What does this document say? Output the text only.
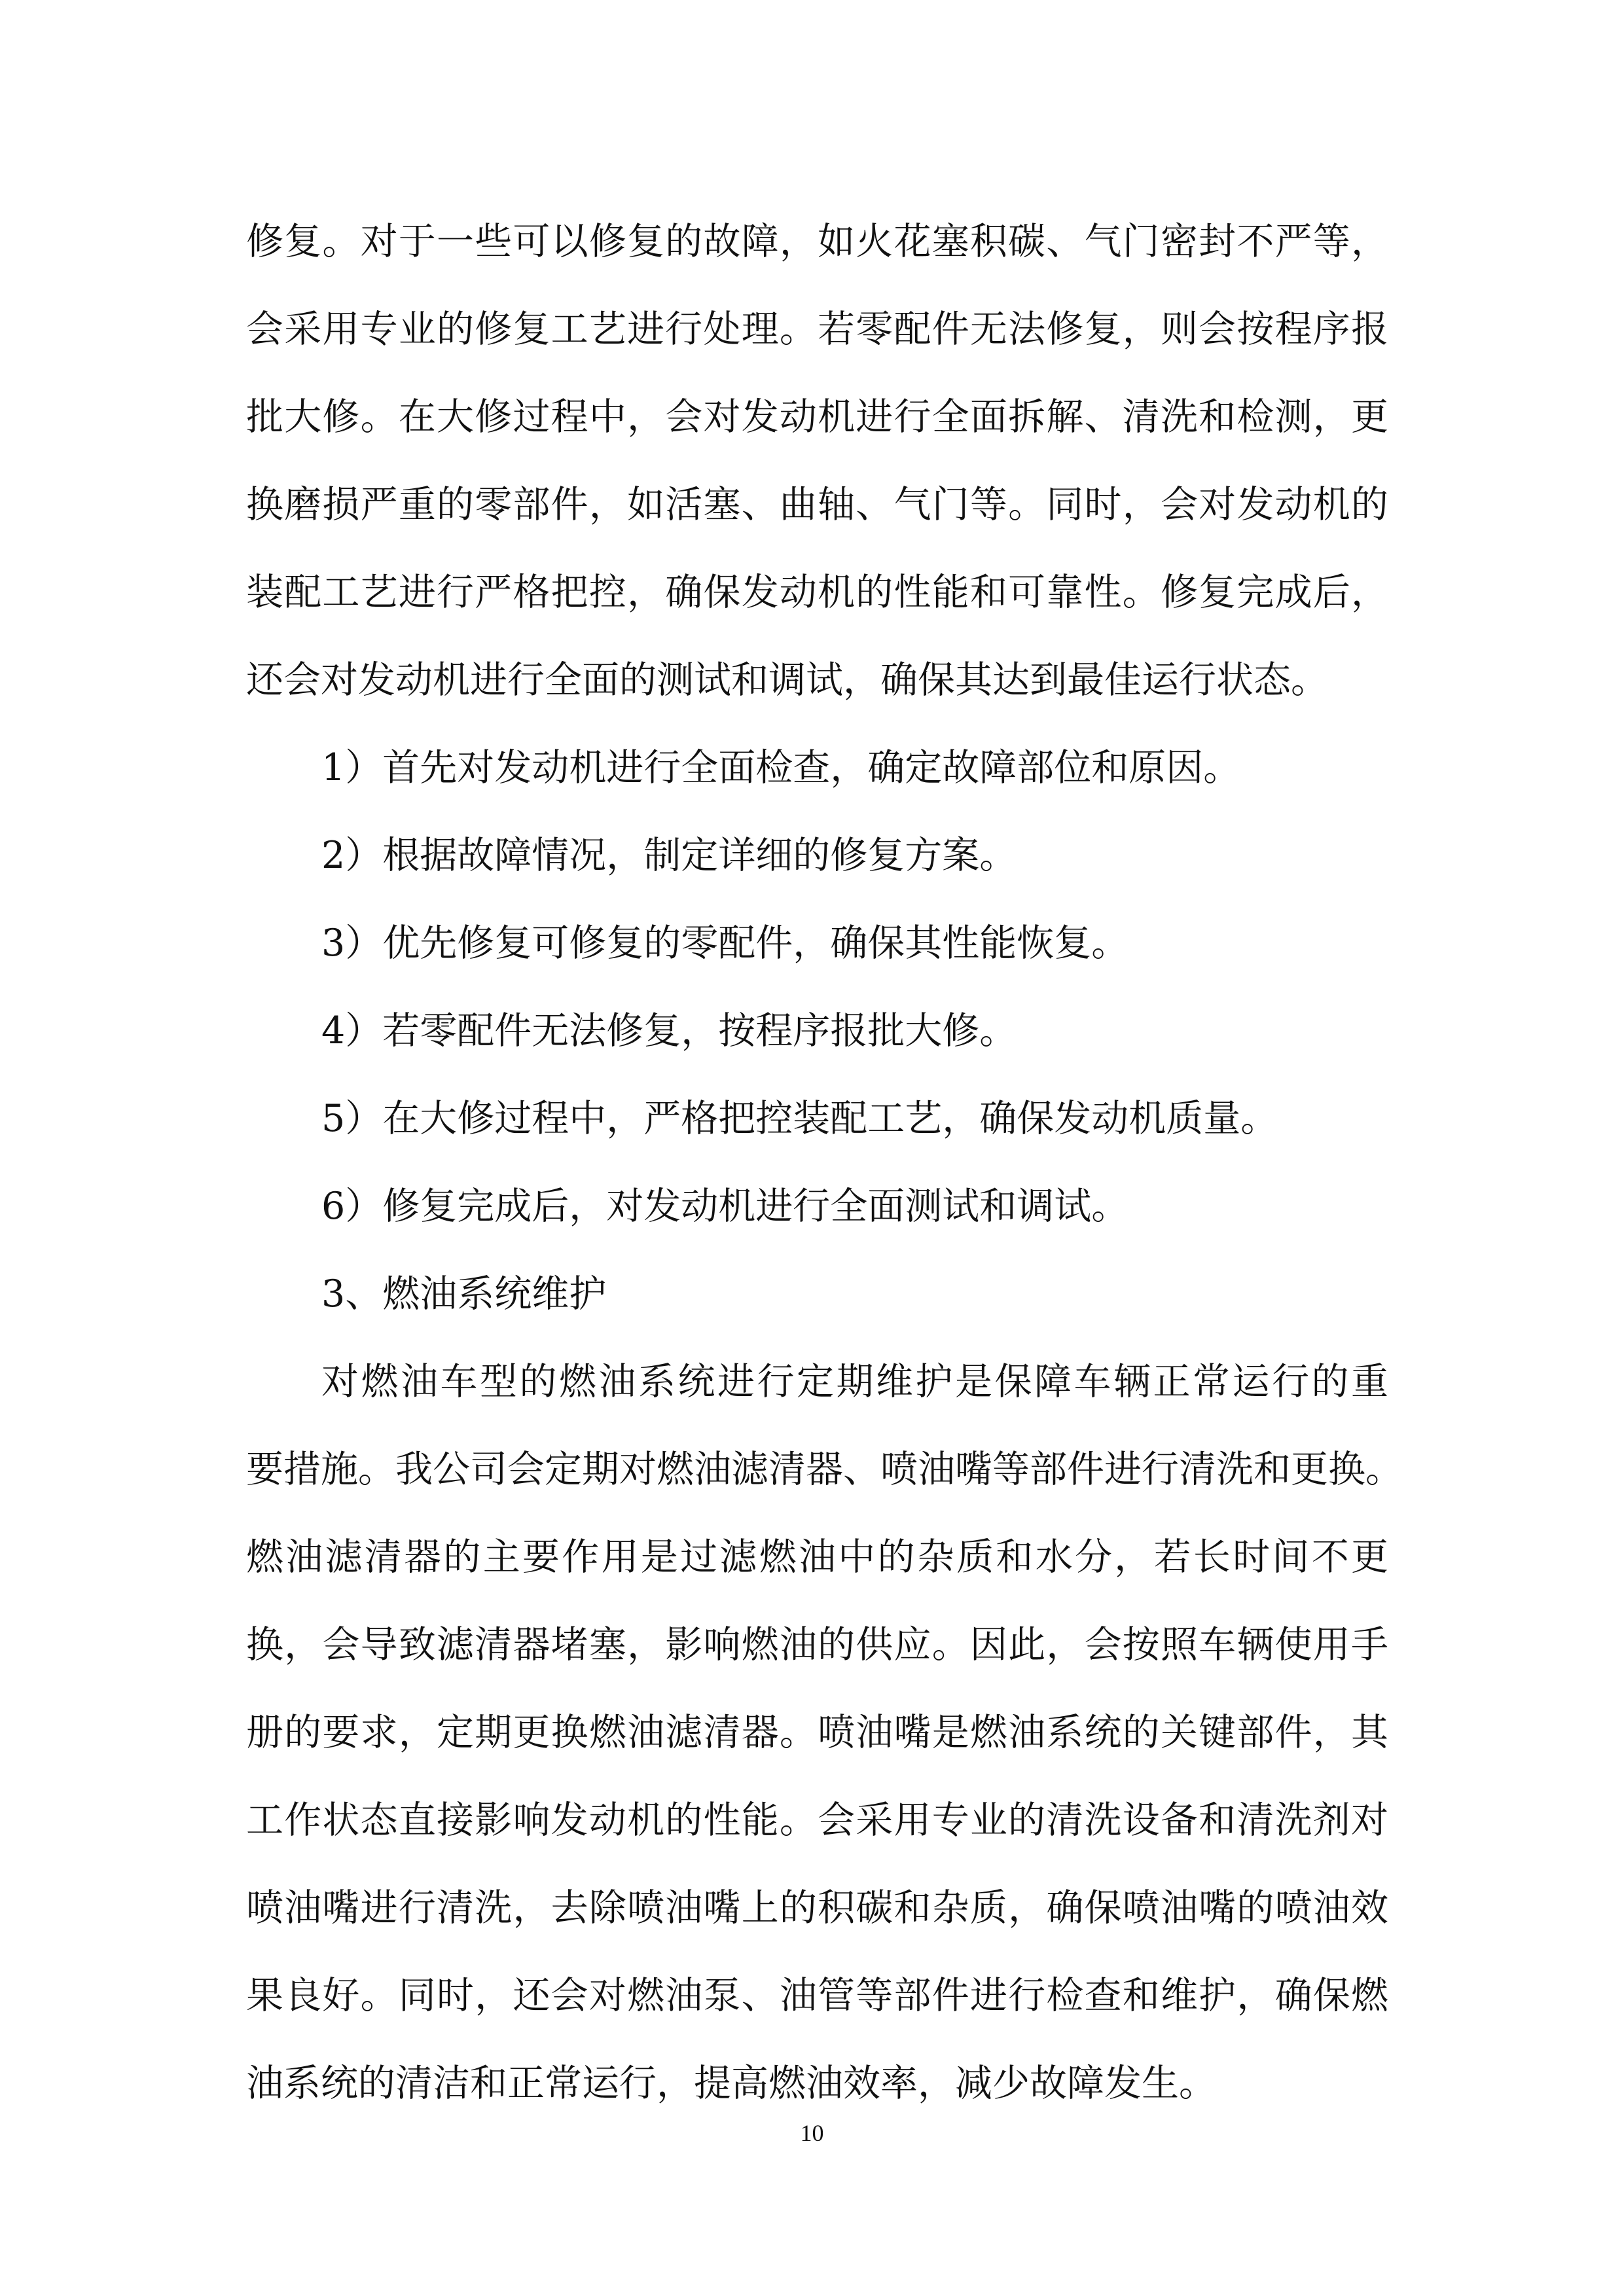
修复。对于一些可以修复的故障，如火花塞积碳、气门密封不严等，
会采用专业的修复工艺进行处理。若零配件无法修复，则会按程序报
批大修。在大修过程中，会对发动机进行全面拆解、清洗和检测，更
换磨损严重的零部件，如活塞、曲轴、气门等。同时，会对发动机的
装配工艺进行严格把控，确保发动机的性能和可靠性。修复完成后，
还会对发动机进行全面的测试和调试，确保其达到最佳运行状态。
1）首先对发动机进行全面检查，确定故障部位和原因。
2）根据故障情况，制定详细的修复方案。
3）优先修复可修复的零配件，确保其性能恢复。
4）若零配件无法修复，按程序报批大修。
5）在大修过程中，严格把控装配工艺，确保发动机质量。
6）修复完成后，对发动机进行全面测试和调试。
3、燃油系统维护
对燃油车型的燃油系统进行定期维护是保障车辆正常运行的重
要措施。我公司会定期对燃油滤清器、喷油嘴等部件进行清洗和更换。
燃油滤清器的主要作用是过滤燃油中的杂质和水分，若长时间不更
换，会导致滤清器堵塞，影响燃油的供应。因此，会按照车辆使用手
册的要求，定期更换燃油滤清器。喷油嘴是燃油系统的关键部件，其
工作状态直接影响发动机的性能。会采用专业的清洗设备和清洗剂对
喷油嘴进行清洗，去除喷油嘴上的积碳和杂质，确保喷油嘴的喷油效
果良好。同时，还会对燃油泵、油管等部件进行检查和维护，确保燃
油系统的清洁和正常运行，提高燃油效率，减少故障发生。
10
